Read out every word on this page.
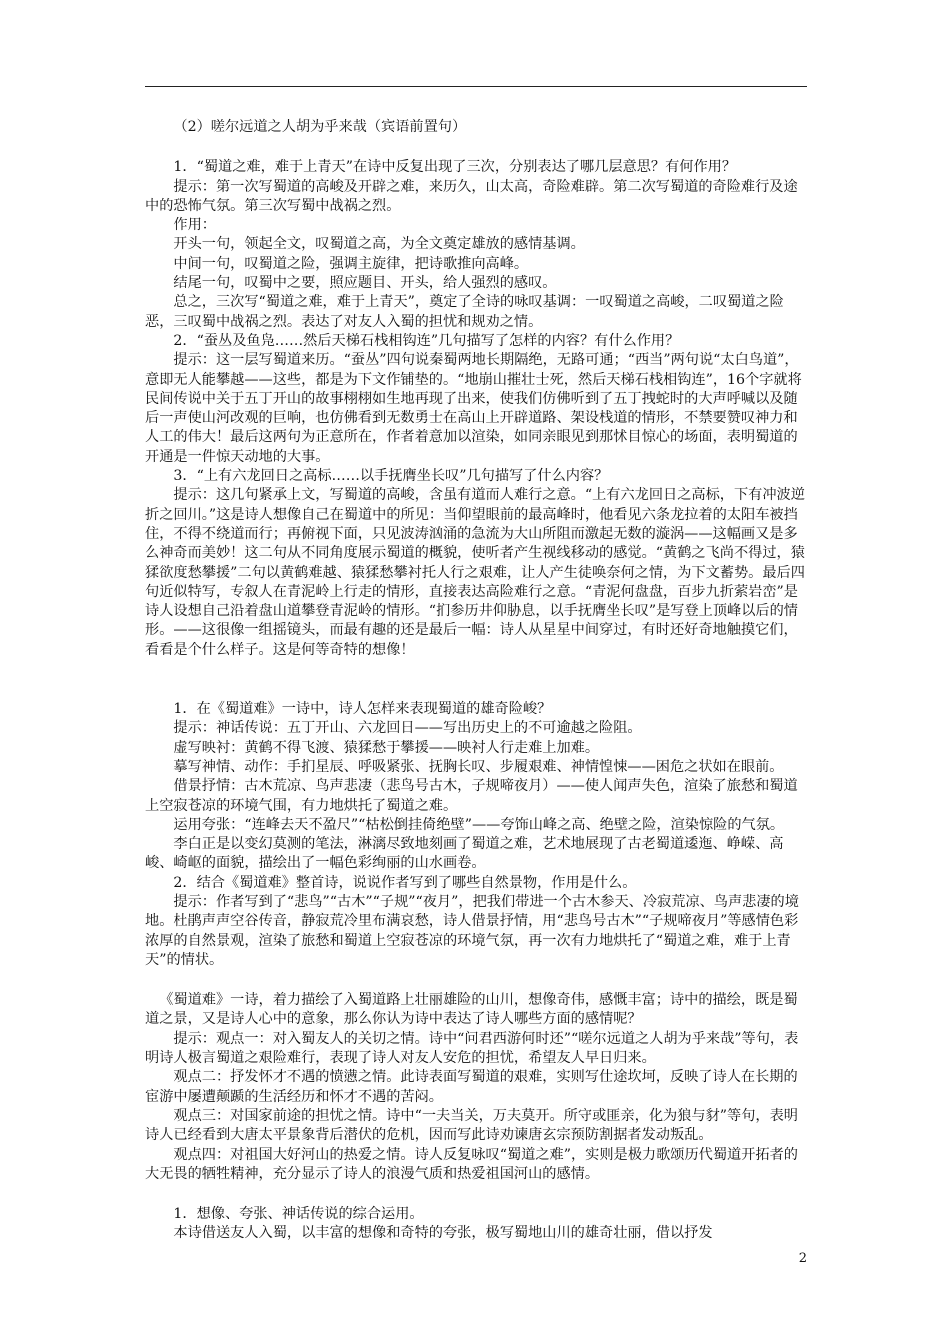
（2）嗟尔远道之人胡为乎来哉（宾语前置句）

1．“蜀道之难，难于上青天”在诗中反复出现了三次，分别表达了哪几层意思？有何作用？

提示：第一次写蜀道的高峻及开辟之难，来历久，山太高，奇险难辟。第二次写蜀道的奇险难行及途中的恐怖气氛。第三次写蜀中战祸之烈。

作用：

开头一句，领起全文，叹蜀道之高，为全文奠定雄放的感情基调。

中间一句，叹蜀道之险，强调主旋律，把诗歌推向高峰。

结尾一句，叹蜀中之要，照应题目、开头，给人强烈的感叹。

总之，三次写“蜀道之难，难于上青天”，奠定了全诗的咏叹基调：一叹蜀道之高峻，二叹蜀道之险恶，三叹蜀中战祸之烈。表达了对友人入蜀的担忧和规劝之情。

2．“蚕丛及鱼凫……然后天梯石栈相钩连”几句描写了怎样的内容？有什么作用？

提示：这一层写蜀道来历。“蚕丛”四句说秦蜀两地长期隔绝，无路可通；“西当”两句说“太白鸟道”，意即无人能攀越——这些，都是为下文作铺垫的。“地崩山摧壮士死，然后天梯石栈相钩连”，16个字就将民间传说中关于五丁开山的故事栩栩如生地再现了出来，使我们仿佛听到了五丁拽蛇时的大声呼喊以及随后一声使山河改观的巨响，也仿佛看到无数勇士在高山上开辟道路、架设栈道的情形，不禁要赞叹神力和人工的伟大！最后这两句为正意所在，作者着意加以渲染，如同亲眼见到那怵目惊心的场面，表明蜀道的开通是一件惊天动地的大事。

3．“上有六龙回日之高标……以手抚膺坐长叹”几句描写了什么内容？

提示：这几句紧承上文，写蜀道的高峻，含虽有道而人难行之意。“上有六龙回日之高标，下有冲波逆折之回川。”这是诗人想像自己在蜀道中的所见：当仰望眼前的最高峰时，他看见六条龙拉着的太阳车被挡住，不得不绕道而行；再俯视下面，只见波涛汹涌的急流为大山所阻而激起无数的漩涡——这幅画又是多么神奇而美妙！这二句从不同角度展示蜀道的概貌，使听者产生视线移动的感觉。“黄鹤之飞尚不得过，猿猱欲度愁攀援”二句以黄鹤难越、猿猱愁攀衬托人行之艰难，让人产生徒唤奈何之情，为下文蓄势。最后四句近似特写，专叙人在青泥岭上行走的情形，直接表达高险难行之意。“青泥何盘盘，百步九折萦岩峦”是诗人设想自己沿着盘山道攀登青泥岭的情形。“扪参历井仰胁息，以手抚膺坐长叹”是写登上顶峰以后的情形。——这很像一组摇镜头，而最有趣的还是最后一幅：诗人从星星中间穿过，有时还好奇地触摸它们，看看是个什么样子。这是何等奇特的想像！

1．在《蜀道难》一诗中，诗人怎样来表现蜀道的雄奇险峻？

提示：神话传说：五丁开山、六龙回日——写出历史上的不可逾越之险阻。

虚写映衬：黄鹤不得飞渡、猿猱愁于攀援——映衬人行走难上加难。

摹写神情、动作：手扪星辰、呼吸紧张、抚胸长叹、步履艰难、神情惶悚——困危之状如在眼前。

借景抒情：古木荒凉、鸟声悲凄（悲鸟号古木，子规啼夜月）——使人闻声失色，渲染了旅愁和蜀道上空寂苍凉的环境气围，有力地烘托了蜀道之难。

运用夸张：“连峰去天不盈尺”“枯松倒挂倚绝壁”——夸饰山峰之高、绝壁之险，渲染惊险的气氛。

李白正是以变幻莫测的笔法，淋漓尽致地刻画了蜀道之难，艺术地展现了古老蜀道逶迤、峥嵘、高峻、崎岖的面貌，描绘出了一幅色彩绚丽的山水画卷。

2．结合《蜀道难》整首诗，说说作者写到了哪些自然景物，作用是什么。

提示：作者写到了“悲鸟”“古木”“子规”“夜月”，把我们带进一个古木参天、冷寂荒凉、鸟声悲凄的境地。杜鹃声声空谷传音，静寂荒冷里布满哀愁，诗人借景抒情，用“悲鸟号古木”“子规啼夜月”等感情色彩浓厚的自然景观，渲染了旅愁和蜀道上空寂苍凉的环境气氛，再一次有力地烘托了“蜀道之难，难于上青天”的情状。

《蜀道难》一诗，着力描绘了入蜀道路上壮丽雄险的山川，想像奇伟，感慨丰富；诗中的描绘，既是蜀道之景，又是诗人心中的意象，那么你认为诗中表达了诗人哪些方面的感情呢？

提示：观点一：对入蜀友人的关切之情。诗中“问君西游何时还”“嗟尔远道之人胡为乎来哉”等句，表明诗人极言蜀道之艰险难行，表现了诗人对友人安危的担忧，希望友人早日归来。

观点二：抒发怀才不遇的愤懑之情。此诗表面写蜀道的艰难，实则写仕途坎坷，反映了诗人在长期的宦游中屡遭颠踬的生活经历和怀才不遇的苦闷。

观点三：对国家前途的担忧之情。诗中“一夫当关，万夫莫开。所守或匪亲，化为狼与豺”等句，表明诗人已经看到大唐太平景象背后潜伏的危机，因而写此诗劝谏唐玄宗预防割据者发动叛乱。

观点四：对祖国大好河山的热爱之情。诗人反复咏叹“蜀道之难”，实则是极力歌颂历代蜀道开拓者的大无畏的牺牲精神，充分显示了诗人的浪漫气质和热爱祖国河山的感情。

1．想像、夸张、神话传说的综合运用。

本诗借送友人入蜀，以丰富的想像和奇特的夸张，极写蜀地山川的雄奇壮丽，借以抒发

2
